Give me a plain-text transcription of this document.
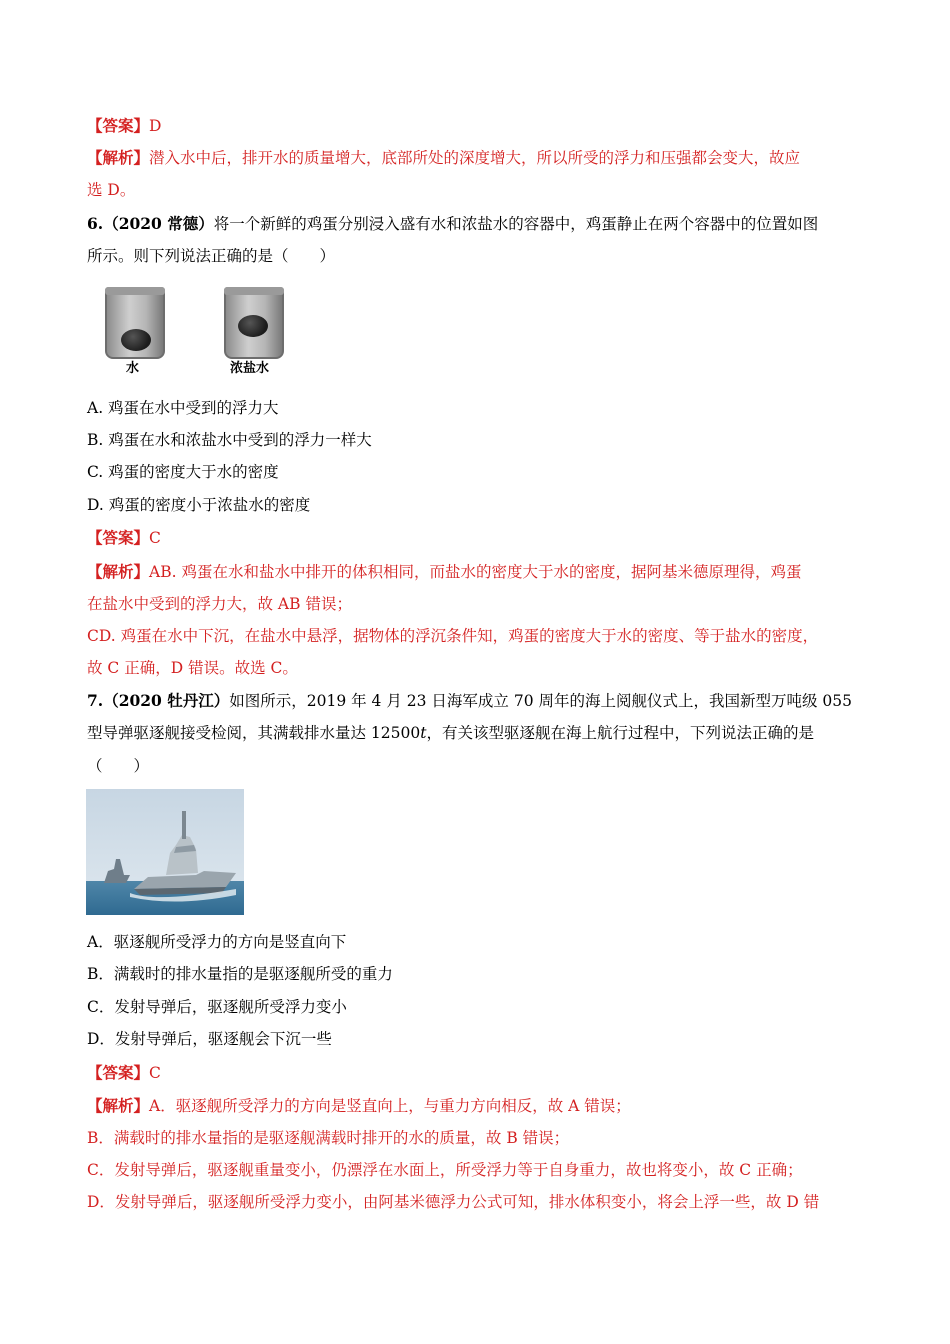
【答案】D
【解析】潜入水中后，排开水的质量增大，底部所处的深度增大，所以所受的浮力和压强都会变大，故应
选 D。
6.（2020 常德）将一个新鲜的鸡蛋分别浸入盛有水和浓盐水的容器中，鸡蛋静止在两个容器中的位置如图
所示。则下列说法正确的是（　　）
水	浓盐水
A. 鸡蛋在水中受到的浮力大
B. 鸡蛋在水和浓盐水中受到的浮力一样大
C. 鸡蛋的密度大于水的密度
D. 鸡蛋的密度小于浓盐水的密度
【答案】C
【解析】AB. 鸡蛋在水和盐水中排开的体积相同，而盐水的密度大于水的密度，据阿基米德原理得，鸡蛋
在盐水中受到的浮力大，故 AB 错误；
CD. 鸡蛋在水中下沉，在盐水中悬浮，据物体的浮沉条件知，鸡蛋的密度大于水的密度、等于盐水的密度，
故 C 正确，D 错误。故选 C。
7.（2020 牡丹江）如图所示，2019 年 4 月 23 日海军成立 70 周年的海上阅舰仪式上，我国新型万吨级 055
型导弹驱逐舰接受检阅，其满载排水量达 12500t，有关该型驱逐舰在海上航行过程中，下列说法正确的是
（　　）
A．驱逐舰所受浮力的方向是竖直向下
B．满载时的排水量指的是驱逐舰所受的重力
C．发射导弹后，驱逐舰所受浮力变小
D．发射导弹后，驱逐舰会下沉一些
【答案】C
【解析】A．驱逐舰所受浮力的方向是竖直向上，与重力方向相反，故 A 错误；
B．满载时的排水量指的是驱逐舰满载时排开的水的质量，故 B 错误；
C．发射导弹后，驱逐舰重量变小，仍漂浮在水面上，所受浮力等于自身重力，故也将变小，故 C 正确；
D．发射导弹后，驱逐舰所受浮力变小，由阿基米德浮力公式可知，排水体积变小，将会上浮一些，故 D 错
